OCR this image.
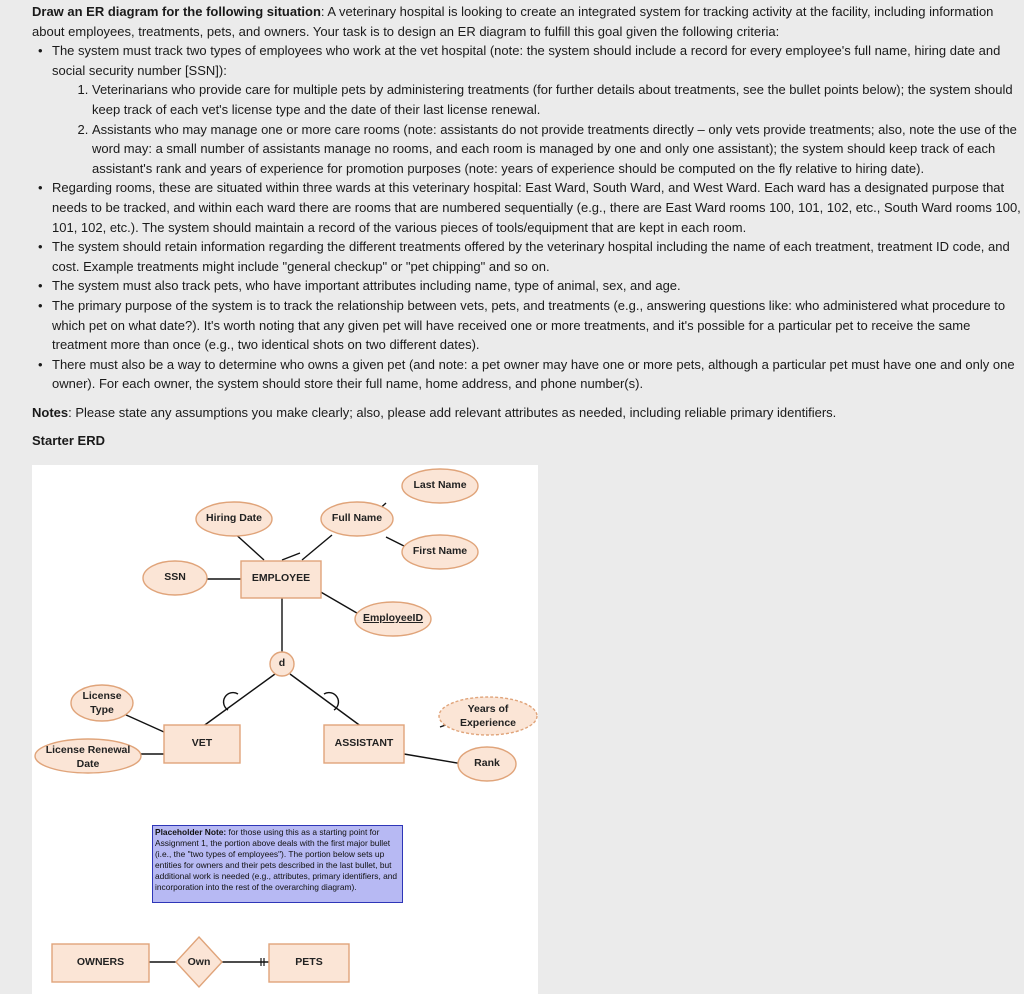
Draw an ER diagram for the following situation: A veterinary hospital is looking to create an integrated system for tracking activity at the facility, including information about employees, treatments, pets, and owners. Your task is to design an ER diagram to fulfill this goal given the following criteria:

• The system must track two types of employees who work at the vet hospital (note: the system should include a record for every employee's full name, hiring date and social security number [SSN]):
1. Veterinarians who provide care for multiple pets by administering treatments (for further details about treatments, see the bullet points below); the system should keep track of each vet's license type and the date of their last license renewal.
2. Assistants who may manage one or more care rooms (note: assistants do not provide treatments directly – only vets provide treatments; also, note the use of the word may: a small number of assistants manage no rooms, and each room is managed by one and only one assistant); the system should keep track of each assistant's rank and years of experience for promotion purposes (note: years of experience should be computed on the fly relative to hiring date).
• Regarding rooms, these are situated within three wards at this veterinary hospital: East Ward, South Ward, and West Ward. Each ward has a designated purpose that needs to be tracked, and within each ward there are rooms that are numbered sequentially (e.g., there are East Ward rooms 100, 101, 102, etc., South Ward rooms 100, 101, 102, etc.). The system should maintain a record of the various pieces of tools/equipment that are kept in each room.
• The system should retain information regarding the different treatments offered by the veterinary hospital including the name of each treatment, treatment ID code, and cost. Example treatments might include "general checkup" or "pet chipping" and so on.
• The system must also track pets, who have important attributes including name, type of animal, sex, and age.
• The primary purpose of the system is to track the relationship between vets, pets, and treatments (e.g., answering questions like: who administered what procedure to which pet on what date?). It's worth noting that any given pet will have received one or more treatments, and it's possible for a particular pet to receive the same treatment more than once (e.g., two identical shots on two different dates).
• There must also be a way to determine who owns a given pet (and note: a pet owner may have one or more pets, although a particular pet must have one and only one owner). For each owner, the system should store their full name, home address, and phone number(s).

Notes: Please state any assumptions you make clearly; also, please add relevant attributes as needed, including reliable primary identifiers.

Starter ERD

Last Name
Full Name
First Name
Hiring Date
SSN	EMPLOYEE
EmployeeID
d
License
Type
License Renewal
Date
VET	ASSISTANT
Years of
Experience
Rank
Placeholder Note: for those using this as a starting point for Assignment 1, the portion above deals with the first major bullet (i.e., the "two types of employees"). The portion below sets up entities for owners and their pets described in the last bullet, but additional work is needed (e.g., attributes, primary identifiers, and incorporation into the rest of the overarching diagram).
OWNERS	Own	PETS
